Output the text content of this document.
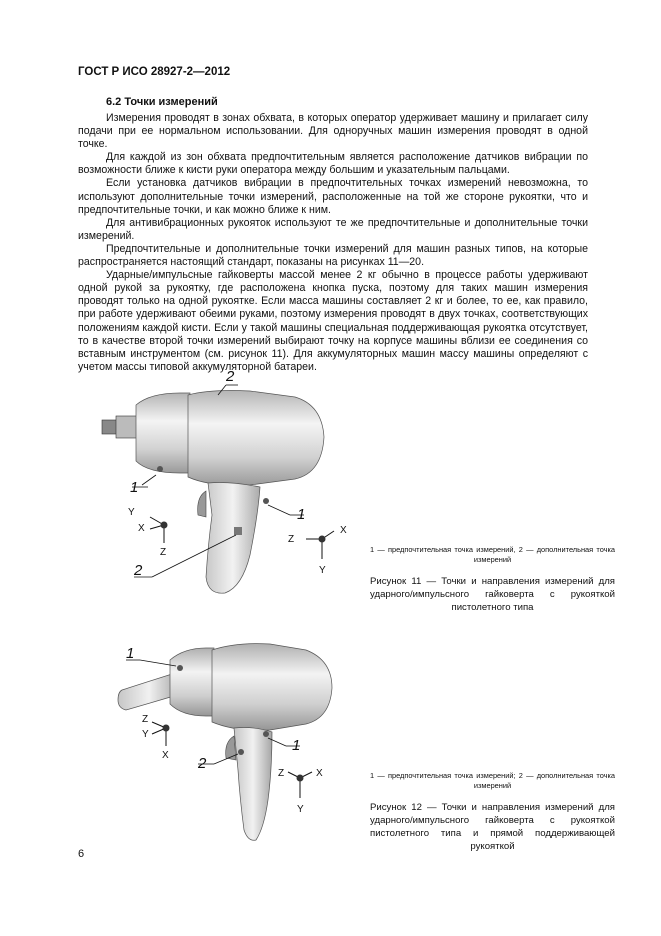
ГОСТ Р ИСО 28927-2—2012
6.2 Точки измерений

Измерения проводят в зонах обхвата, в которых оператор удерживает машину и прилагает силу подачи при ее нормальном использовании. Для одноручных машин измерения проводят в одной точке.

Для каждой из зон обхвата предпочтительным является расположение датчиков вибрации по возможности ближе к кисти руки оператора между большим и указательным пальцами.

Если установка датчиков вибрации в предпочтительных точках измерений невозможна, то используют дополнительные точки измерений, расположенные на той же стороне рукоятки, что и предпочтительные точки, и как можно ближе к ним.

Для антивибрационных рукояток используют те же предпочтительные и дополнительные точки измерений.

Предпочтительные и дополнительные точки измерений для машин разных типов, на которые распространяется настоящий стандарт, показаны на рисунках 11—20.

Ударные/импульсные гайковерты массой менее 2 кг обычно в процессе работы удерживают одной рукой за рукоятку, где расположена кнопка пуска, поэтому для таких машин измерения проводят только на одной рукоятке. Если масса машины составляет 2 кг и более, то ее, как правило, при работе удерживают обеими руками, поэтому измерения проводят в двух точках, соответствующих положениям каждой кисти. Если у такой машины специальная поддерживающая рукоятка отсутствует, то в качестве второй точки измерений выбирают точку на корпусе машины вблизи ее соединения со вставным инструментом (см. рисунок 11). Для аккумуляторных машин массу машины определяют с учетом массы типовой аккумуляторной батареи.

1
1
2
2
Y
X
Z
Z
X
Y
1 — предпочтительная точка измерений, 2 — дополнительная точка измерений
Рисунок 11 — Точки и направления измерений для ударного/импульсного гайковерта с рукояткой пистолетного типа
1
1
2
Z
Y
X
Z	X
Y
1 — предпочтительная точка измерений; 2 — дополнительная точка измерений
Рисунок 12 — Точки и направления измерений для ударного/импульсного гайковерта с рукояткой пистолетного типа и прямой поддерживающей рукояткой
6
